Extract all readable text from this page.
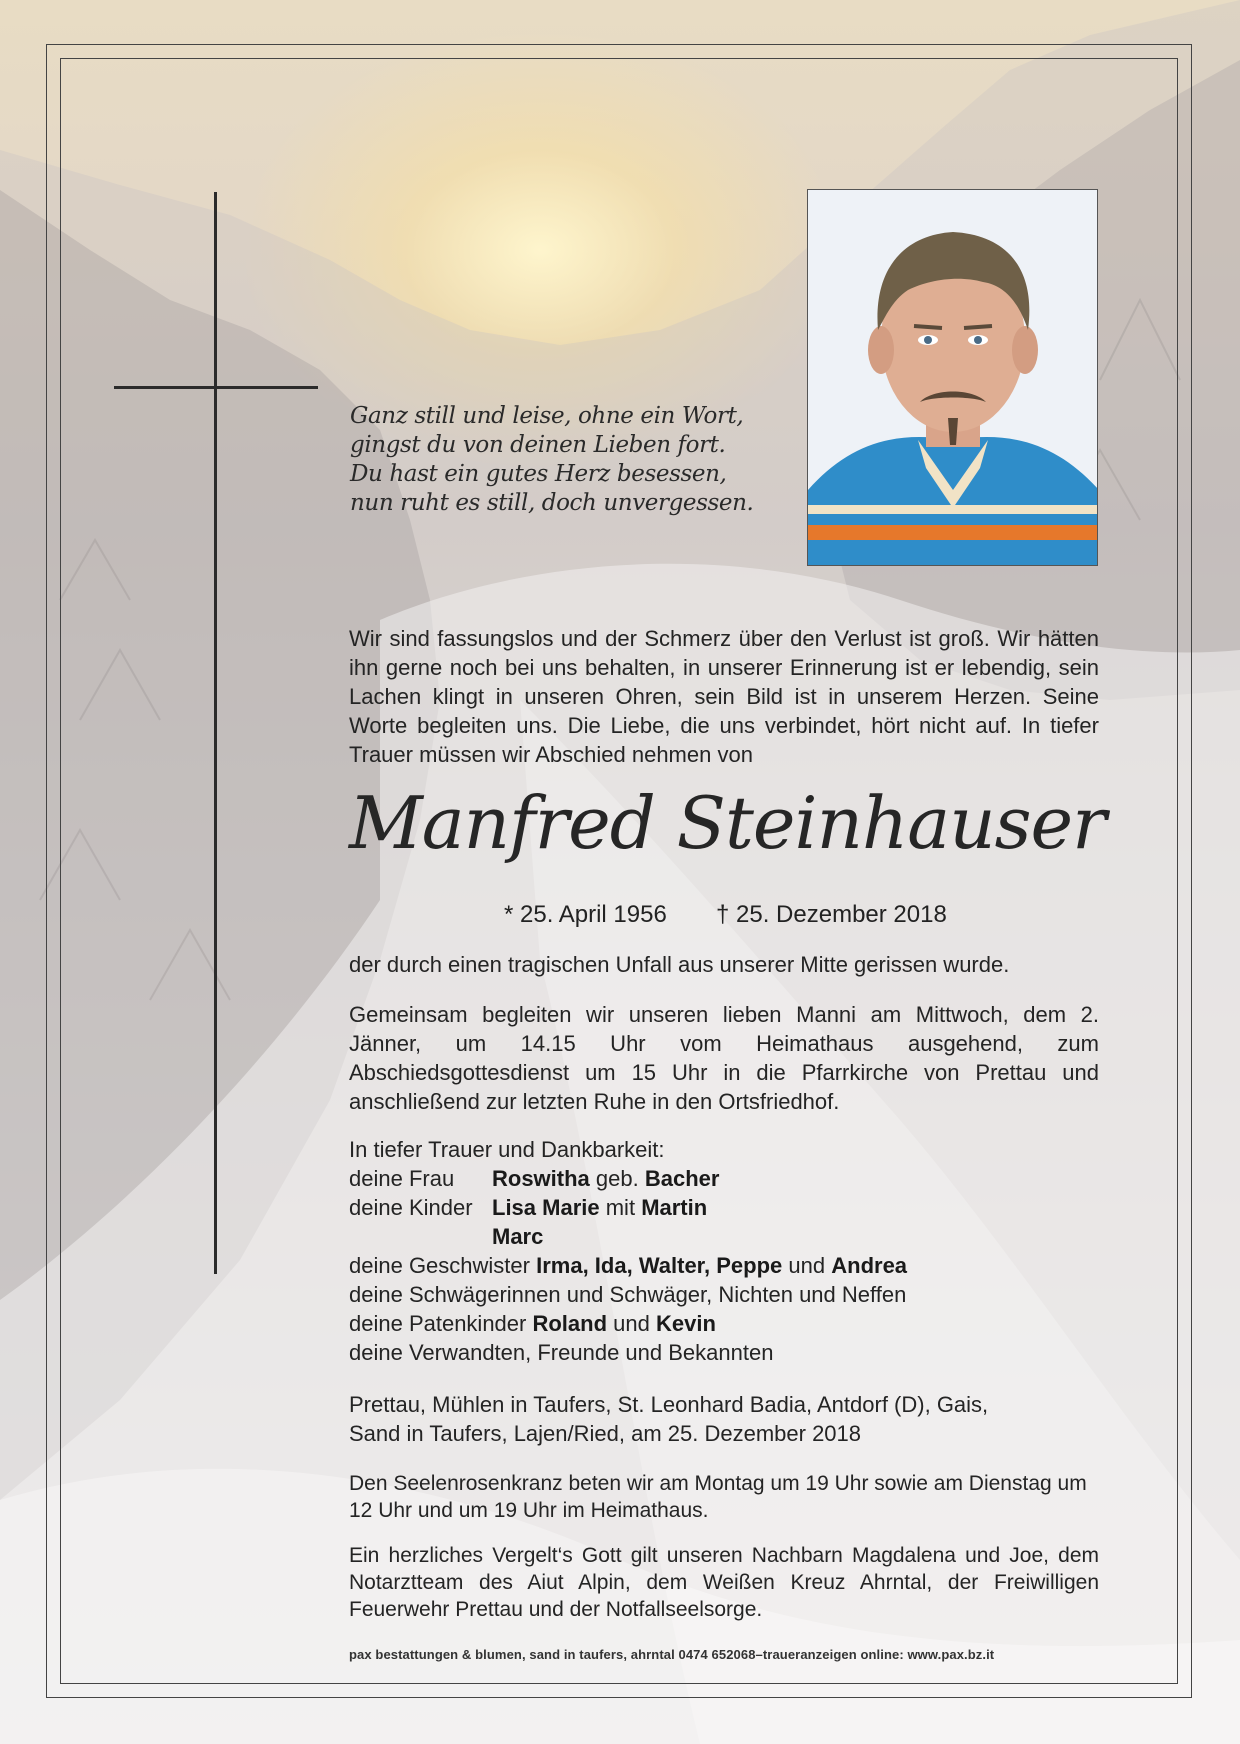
Ganz still und leise, ohne ein Wort,
gingst du von deinen Lieben fort.
Du hast ein gutes Herz besessen,
nun ruht es still, doch unvergessen.
Wir sind fassungslos und der Schmerz über den Verlust ist groß. Wir hätten ihn gerne noch bei uns behalten, in unserer Erinnerung ist er lebendig, sein Lachen klingt in unseren Ohren, sein Bild ist in unserem Herzen. Seine Worte begleiten uns. Die Liebe, die uns verbindet, hört nicht auf. In tiefer Trauer müssen wir Abschied nehmen von
Manfred Steinhauser
* 25. April 1956 † 25. Dezember 2018
der durch einen tragischen Unfall aus unserer Mitte gerissen wurde.
Gemeinsam begleiten wir unseren lieben Manni am Mittwoch, dem 2. Jänner, um 14.15 Uhr vom Heimathaus ausgehend, zum Abschiedsgottesdienst um 15 Uhr in die Pfarrkirche von Prettau und anschließend zur letzten Ruhe in den Ortsfriedhof.
In tiefer Trauer und Dankbarkeit:
deine Frau Roswitha geb. Bacher
deine Kinder Lisa Marie mit Martin
Marc
deine Geschwister Irma, Ida, Walter, Peppe und Andrea
deine Schwägerinnen und Schwäger, Nichten und Neffen
deine Patenkinder Roland und Kevin
deine Verwandten, Freunde und Bekannten
Prettau, Mühlen in Taufers, St. Leonhard Badia, Antdorf (D), Gais,
Sand in Taufers, Lajen/Ried, am 25. Dezember 2018
Den Seelenrosenkranz beten wir am Montag um 19 Uhr sowie am Dienstag um 12 Uhr und um 19 Uhr im Heimathaus.
Ein herzliches Vergelt‘s Gott gilt unseren Nachbarn Magdalena und Joe, dem Notarztteam des Aiut Alpin, dem Weißen Kreuz Ahrntal, der Freiwilligen Feuerwehr Prettau und der Notfallseelsorge.
pax bestattungen & blumen, sand in taufers, ahrntal 0474 652068–traueranzeigen online: www.pax.bz.it
